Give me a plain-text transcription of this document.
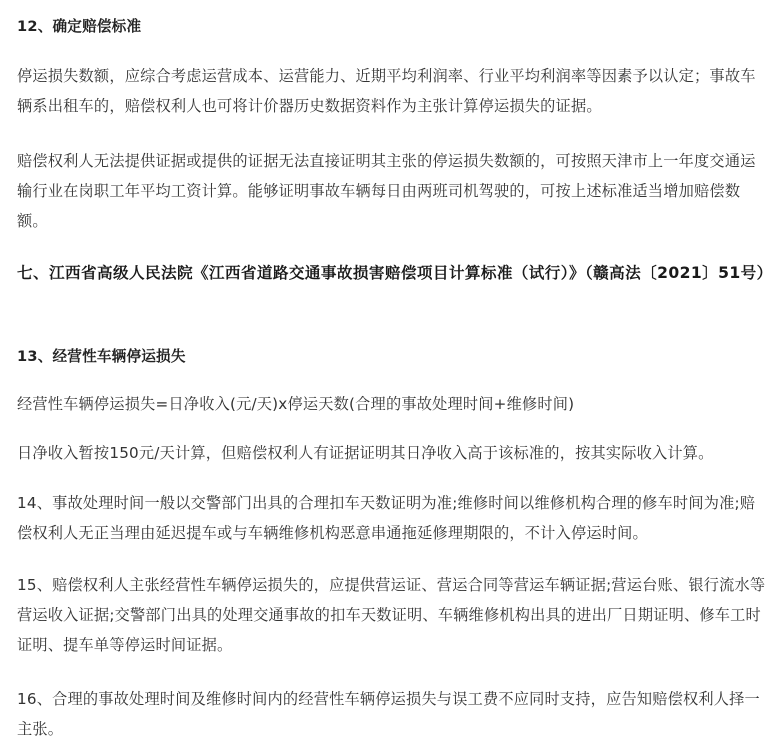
12、确定赔偿标准

停运损失数额，应综合考虑运营成本、运营能力、近期平均利润率、行业平均利润率等因素予以认定；事故车辆系出租车的，赔偿权利人也可将计价器历史数据资料作为主张计算停运损失的证据。

赔偿权利人无法提供证据或提供的证据无法直接证明其主张的停运损失数额的，可按照天津市上一年度交通运输行业在岗职工年平均工资计算。能够证明事故车辆每日由两班司机驾驶的，可按上述标准适当增加赔偿数额。

七、江西省高级人民法院《江西省道路交通事故损害赔偿项目计算标准（试行）》（赣高法〔2021〕51号）

13、经营性车辆停运损失

经营性车辆停运损失=日净收入(元/天)x停运天数(合理的事故处理时间+维修时间)

日净收入暂按150元/天计算，但赔偿权利人有证据证明其日净收入高于该标准的，按其实际收入计算。

14、事故处理时间一般以交警部门出具的合理扣车天数证明为准;维修时间以维修机构合理的修车时间为准;赔偿权利人无正当理由延迟提车或与车辆维修机构恶意串通拖延修理期限的，不计入停运时间。

15、赔偿权利人主张经营性车辆停运损失的，应提供营运证、营运合同等营运车辆证据;营运台账、银行流水等营运收入证据;交警部门出具的处理交通事故的扣车天数证明、车辆维修机构出具的进出厂日期证明、修车工时证明、提车单等停运时间证据。

16、合理的事故处理时间及维修时间内的经营性车辆停运损失与误工费不应同时支持，应告知赔偿权利人择一主张。
